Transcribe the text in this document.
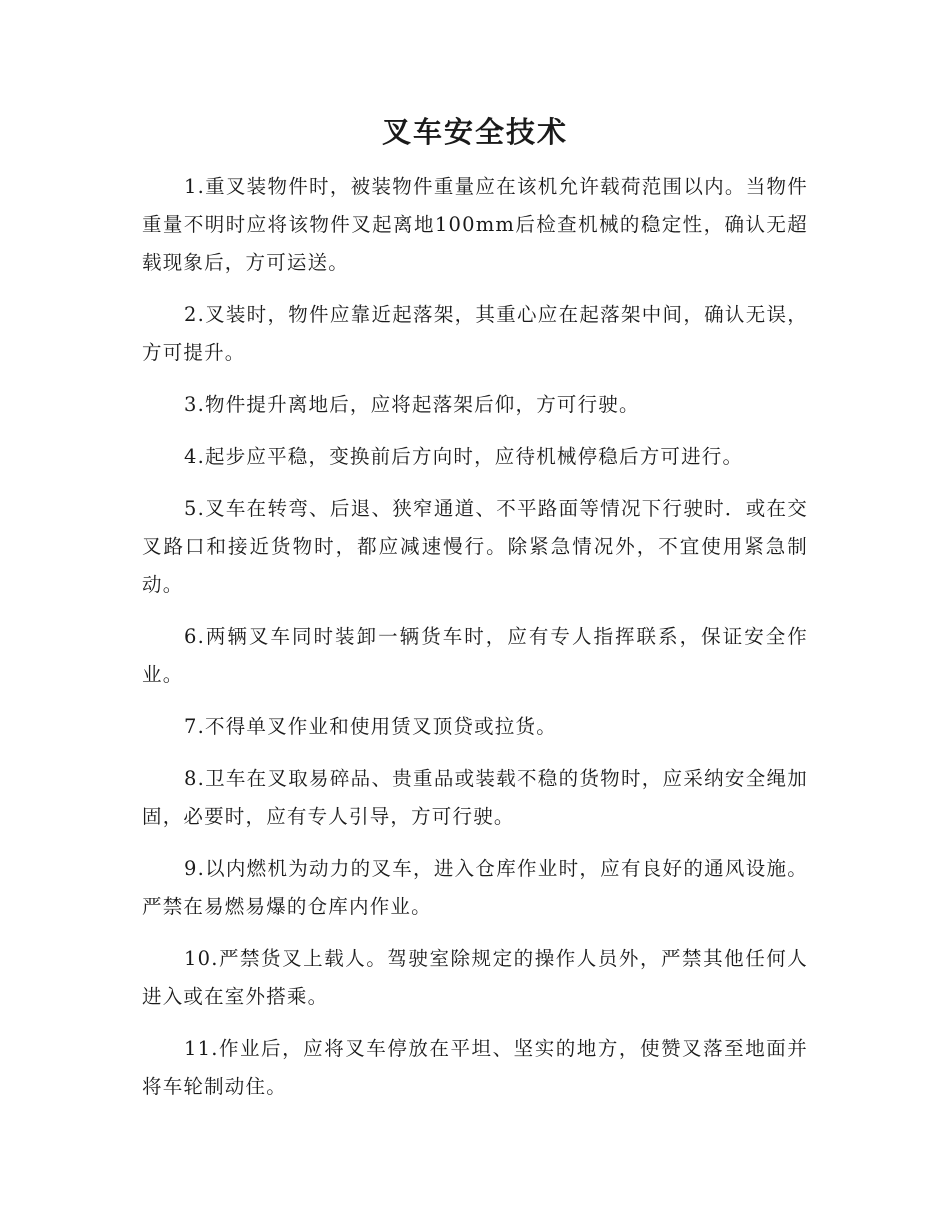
叉车安全技术

1.重叉装物件时，被装物件重量应在该机允许载荷范围以内。当物件重量不明时应将该物件叉起离地100mm后检查机械的稳定性，确认无超载现象后，方可运送。

2.叉装时，物件应靠近起落架，其重心应在起落架中间，确认无误，方可提升。

3.物件提升离地后，应将起落架后仰，方可行驶。

4.起步应平稳，变换前后方向时，应待机械停稳后方可进行。

5.叉车在转弯、后退、狭窄通道、不平路面等情况下行驶时．或在交叉路口和接近货物时，都应减速慢行。除紧急情况外，不宜使用紧急制动。

6.两辆叉车同时装卸一辆货车时，应有专人指挥联系，保证安全作业。

7.不得单叉作业和使用赁叉顶贷或拉货。

8.卫车在叉取易碎品、贵重品或装载不稳的货物时，应采纳安全绳加固，必要时，应有专人引导，方可行驶。

9.以内燃机为动力的叉车，进入仓库作业时，应有良好的通风设施。严禁在易燃易爆的仓库内作业。

10.严禁货叉上载人。驾驶室除规定的操作人员外，严禁其他任何人进入或在室外搭乘。

11.作业后，应将叉车停放在平坦、坚实的地方，使赞叉落至地面并将车轮制动住。
